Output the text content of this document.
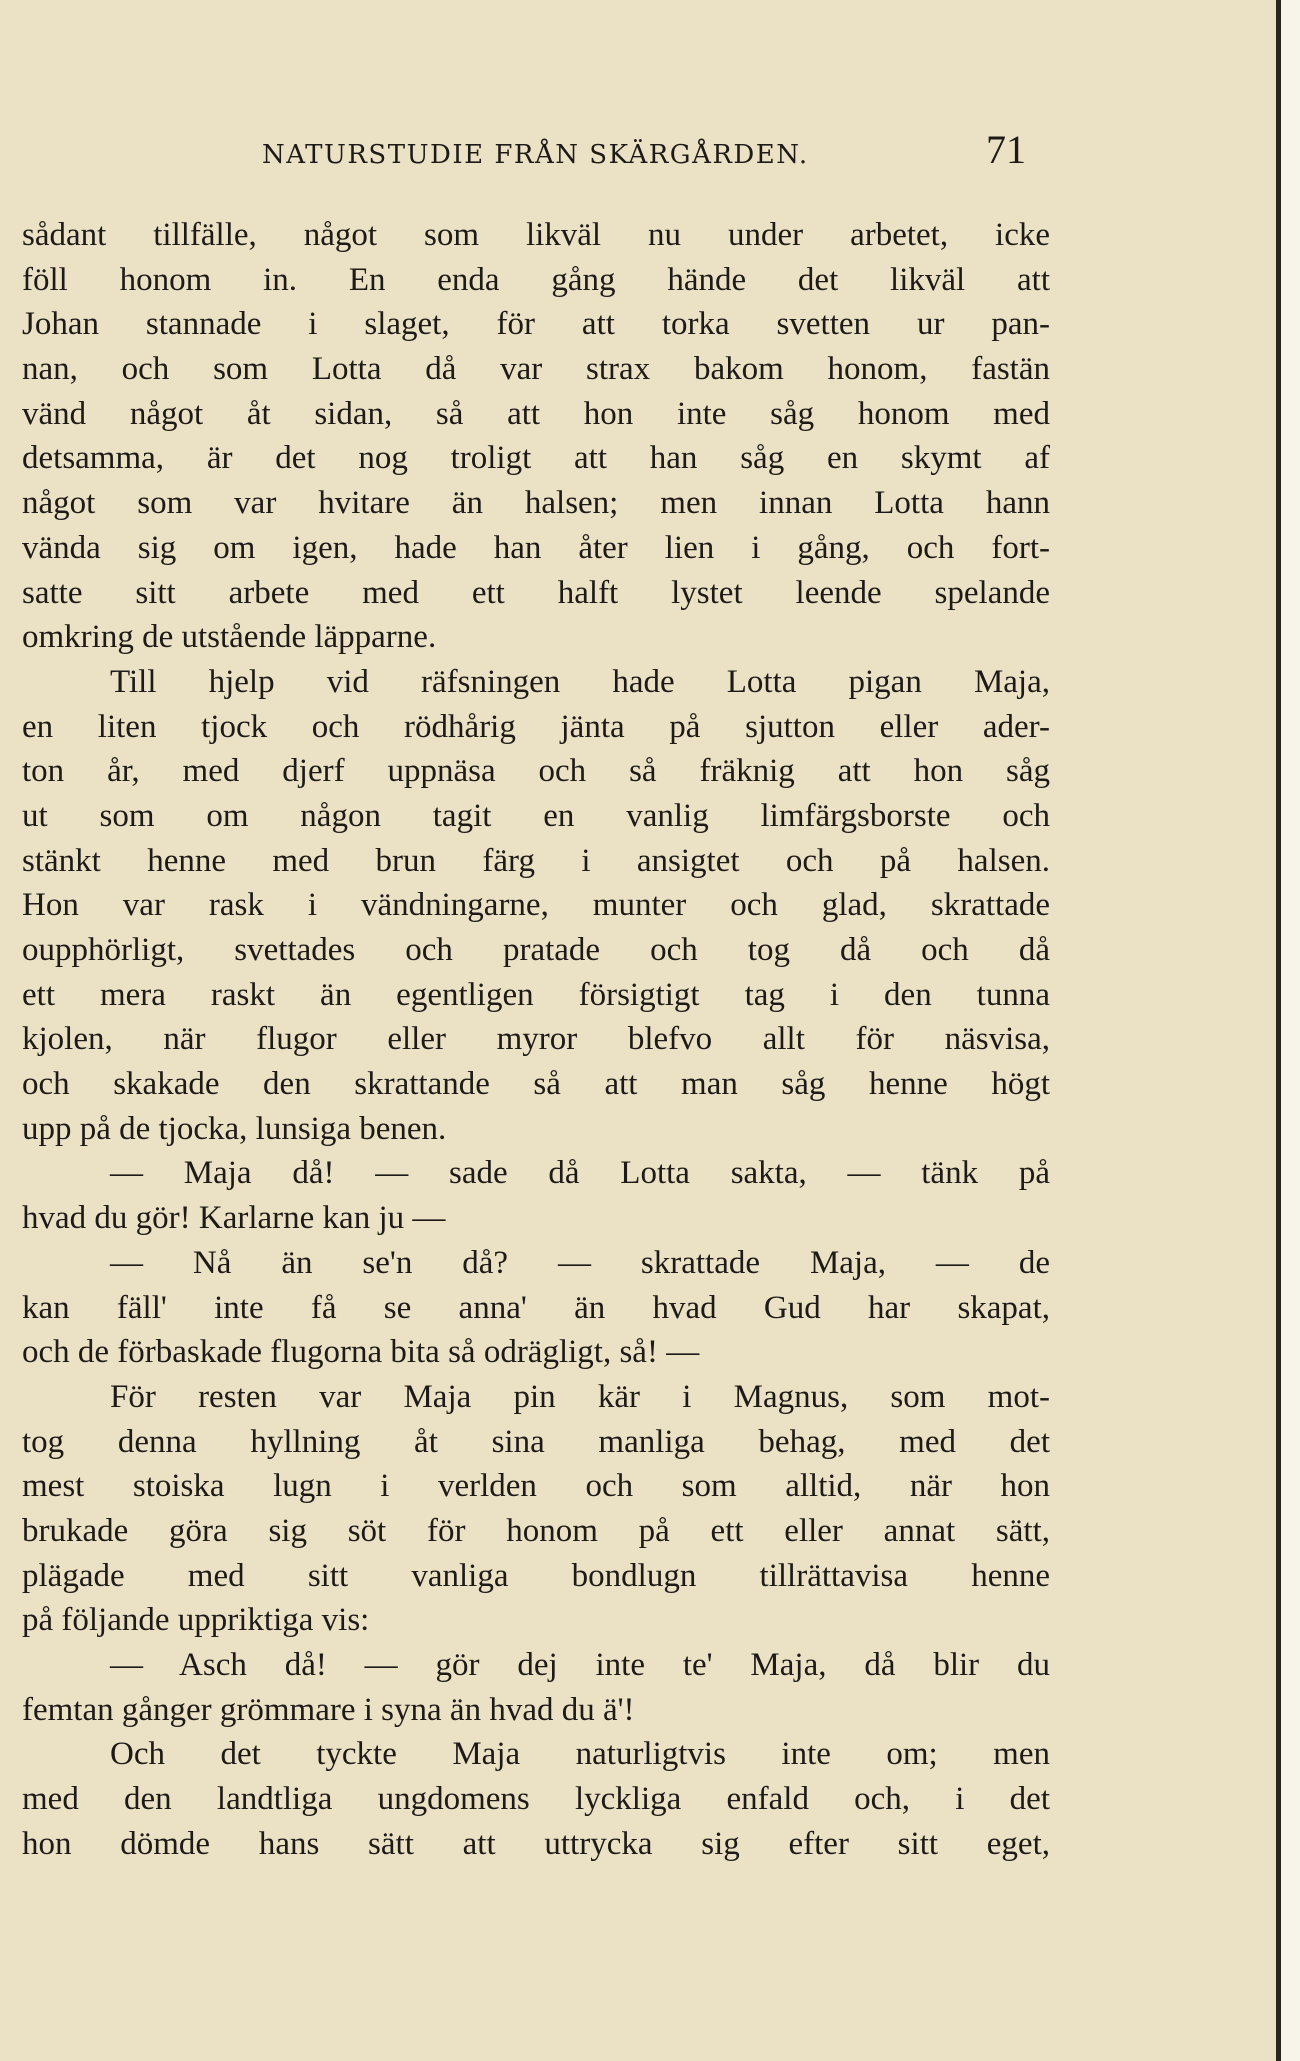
NATURSTUDIE FRÅN SKÄRGÅRDEN.	71
sådant tillfälle, något som likväl nu under arbetet, icke
föll honom in. En enda gång hände det likväl att
Johan stannade i slaget, för att torka svetten ur pan-
nan, och som Lotta då var strax bakom honom, fastän
vänd något åt sidan, så att hon inte såg honom med
detsamma, är det nog troligt att han såg en skymt af
något som var hvitare än halsen; men innan Lotta hann
vända sig om igen, hade han åter lien i gång, och fort-
satte sitt arbete med ett halft lystet leende spelande
omkring de utstående läpparne.
Till hjelp vid räfsningen hade Lotta pigan Maja,
en liten tjock och rödhårig jänta på sjutton eller ader-
ton år, med djerf uppnäsa och så fräknig att hon såg
ut som om någon tagit en vanlig limfärgsborste och
stänkt henne med brun färg i ansigtet och på halsen.
Hon var rask i vändningarne, munter och glad, skrattade
oupphörligt, svettades och pratade och tog då och då
ett mera raskt än egentligen försigtigt tag i den tunna
kjolen, när flugor eller myror blefvo allt för näsvisa,
och skakade den skrattande så att man såg henne högt
upp på de tjocka, lunsiga benen.
— Maja då! — sade då Lotta sakta, — tänk på
hvad du gör! Karlarne kan ju —
— Nå än se'n då? — skrattade Maja, — de
kan fäll' inte få se anna' än hvad Gud har skapat,
och de förbaskade flugorna bita så odrägligt, så! —
För resten var Maja pin kär i Magnus, som mot-
tog denna hyllning åt sina manliga behag, med det
mest stoiska lugn i verlden och som alltid, när hon
brukade göra sig söt för honom på ett eller annat sätt,
plägade med sitt vanliga bondlugn tillrättavisa henne
på följande uppriktiga vis:
— Asch då! — gör dej inte te' Maja, då blir du
femtan gånger grömmare i syna än hvad du ä'!
Och det tyckte Maja naturligtvis inte om; men
med den landtliga ungdomens lyckliga enfald och, i det
hon dömde hans sätt att uttrycka sig efter sitt eget,
